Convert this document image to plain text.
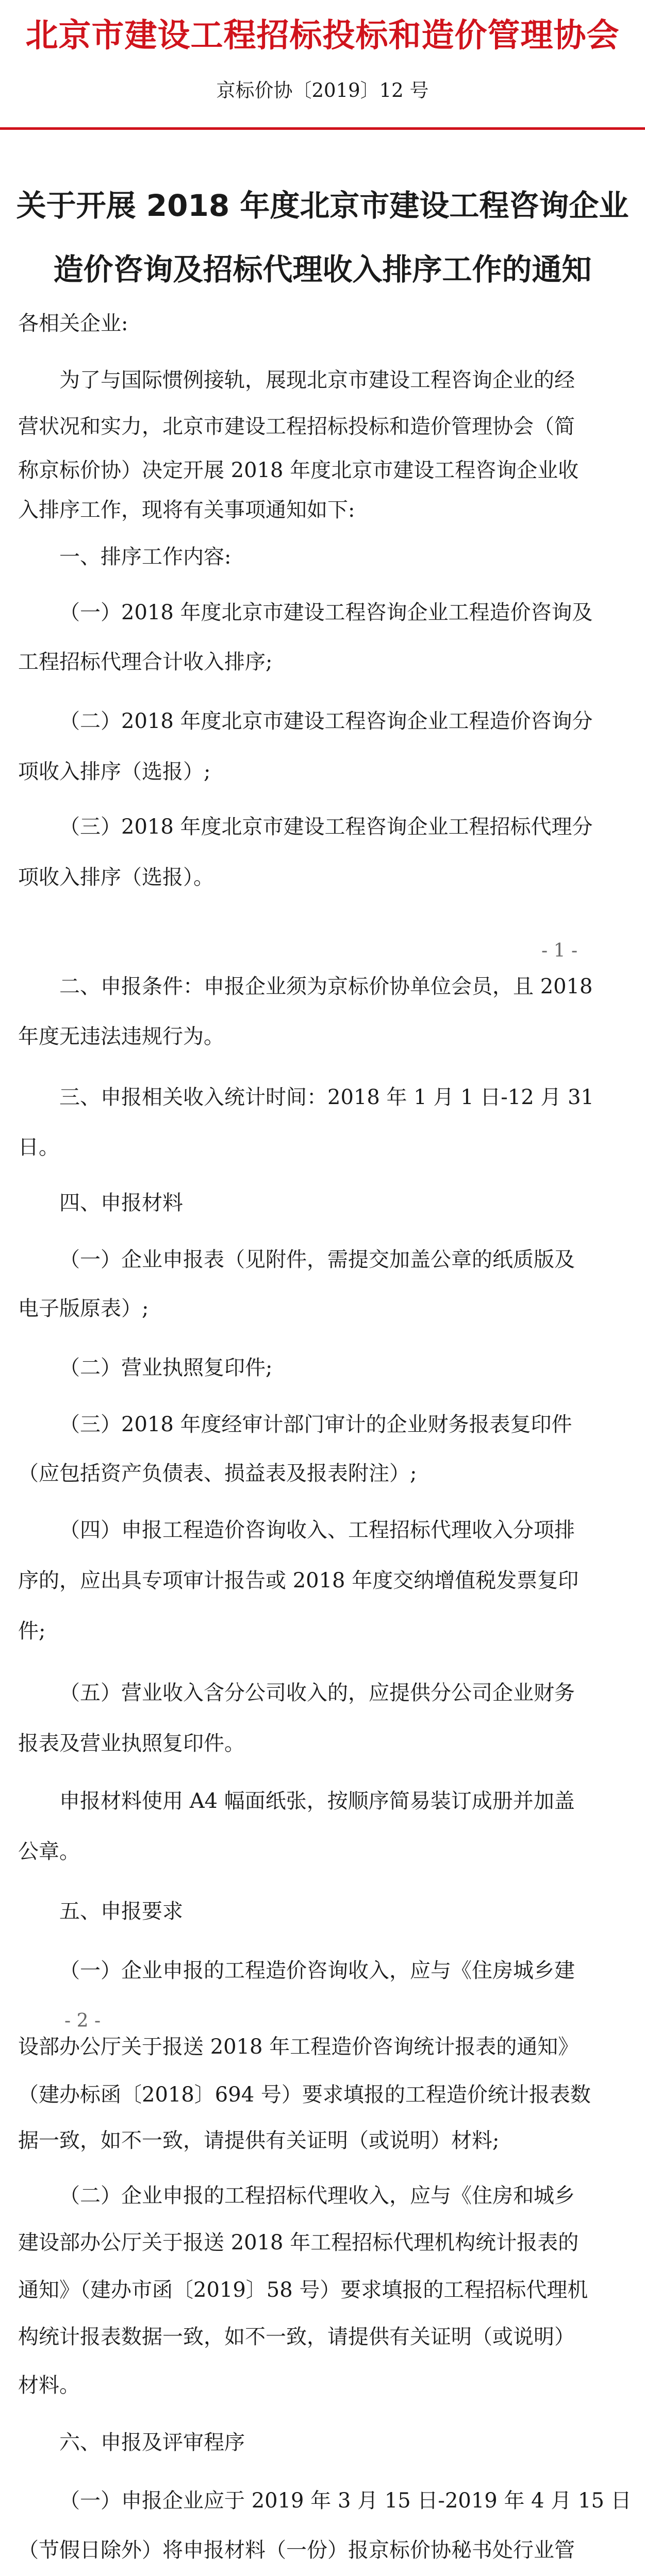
北京市建设工程招标投标和造价管理协会
京标价协〔2019〕12 号
关于开展 2018 年度北京市建设工程咨询企业
造价咨询及招标代理收入排序工作的通知
各相关企业:
为了与国际惯例接轨，展现北京市建设工程咨询企业的经
营状况和实力，北京市建设工程招标投标和造价管理协会（简
称京标价协）决定开展 2018 年度北京市建设工程咨询企业收
入排序工作，现将有关事项通知如下:
一、排序工作内容:
（一）2018 年度北京市建设工程咨询企业工程造价咨询及
工程招标代理合计收入排序;
（二）2018 年度北京市建设工程咨询企业工程造价咨询分
项收入排序（选报）;
（三）2018 年度北京市建设工程咨询企业工程招标代理分
项收入排序（选报）。
- 1 -
二、申报条件：申报企业须为京标价协单位会员，且 2018
年度无违法违规行为。
三、申报相关收入统计时间：2018 年 1 月 1 日-12 月 31
日。
四、申报材料
（一）企业申报表（见附件，需提交加盖公章的纸质版及
电子版原表）;
（二）营业执照复印件;
（三）2018 年度经审计部门审计的企业财务报表复印件
（应包括资产负债表、损益表及报表附注）;
（四）申报工程造价咨询收入、工程招标代理收入分项排
序的，应出具专项审计报告或 2018 年度交纳增值税发票复印
件;
（五）营业收入含分公司收入的，应提供分公司企业财务
报表及营业执照复印件。
申报材料使用 A4 幅面纸张，按顺序简易装订成册并加盖
公章。
五、申报要求
（一）企业申报的工程造价咨询收入，应与《住房城乡建
- 2 -
设部办公厅关于报送 2018 年工程造价咨询统计报表的通知》
（建办标函〔2018〕694 号）要求填报的工程造价统计报表数
据一致，如不一致，请提供有关证明（或说明）材料;
（二）企业申报的工程招标代理收入，应与《住房和城乡
建设部办公厅关于报送 2018 年工程招标代理机构统计报表的
通知》（建办市函〔2019〕58 号）要求填报的工程招标代理机
构统计报表数据一致，如不一致，请提供有关证明（或说明）
材料。
六、申报及评审程序
（一）申报企业应于 2019 年 3 月 15 日-2019 年 4 月 15 日
（节假日除外）将申报材料（一份）报京标价协秘书处行业管
